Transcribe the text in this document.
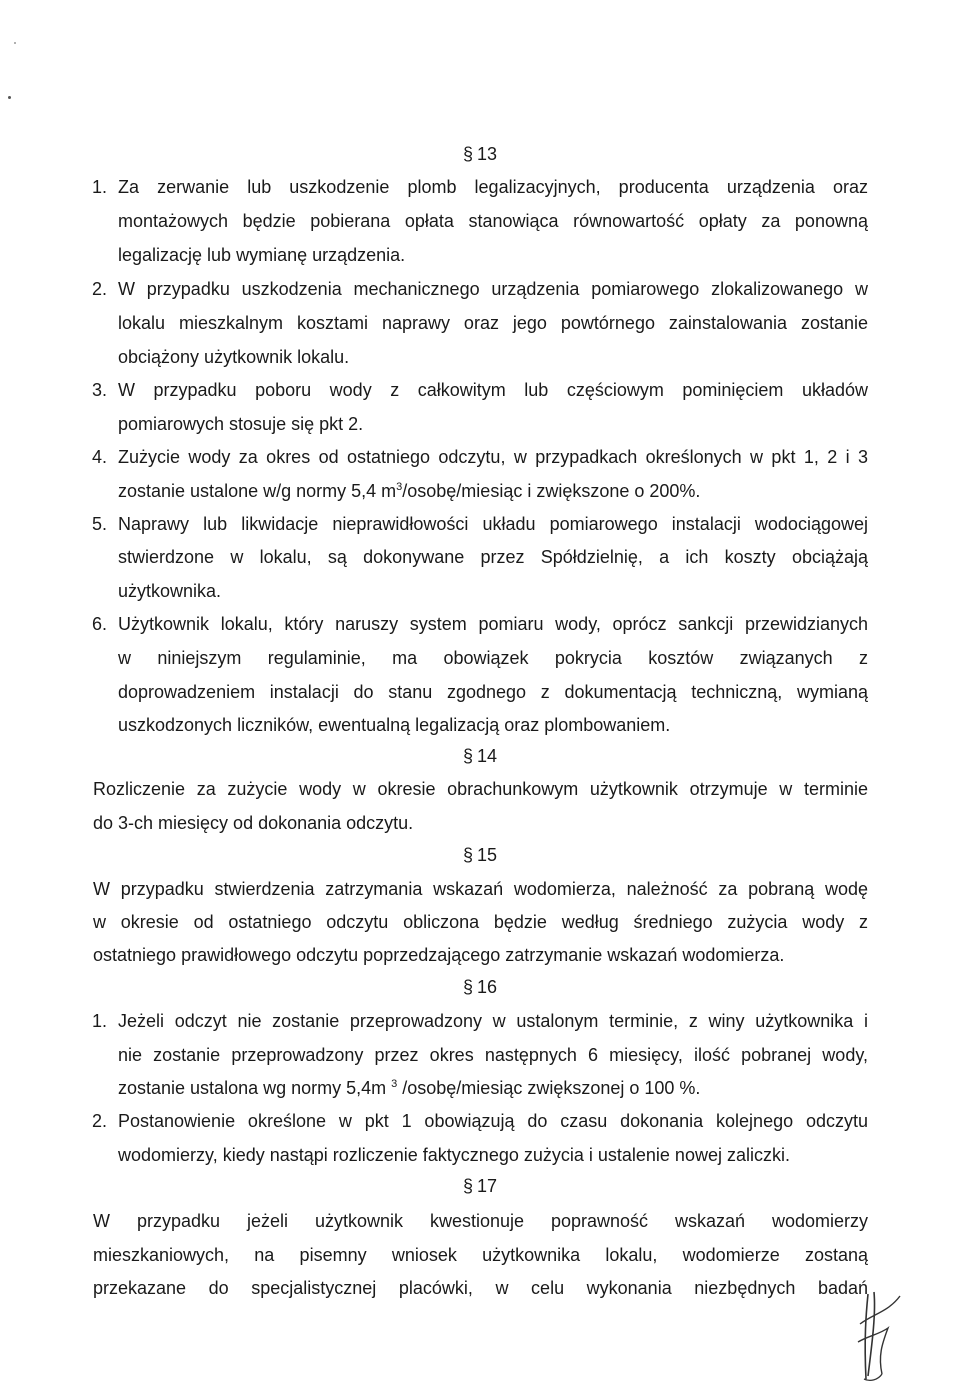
§ 13
1. Za zerwanie lub uszkodzenie plomb legalizacyjnych, producenta urządzenia oraz
montażowych będzie pobierana opłata stanowiąca równowartość opłaty za ponowną
legalizację lub wymianę urządzenia.
2. W przypadku uszkodzenia mechanicznego urządzenia pomiarowego zlokalizowanego w
lokalu mieszkalnym kosztami naprawy oraz jego powtórnego zainstalowania zostanie
obciążony użytkownik lokalu.
3. W przypadku poboru wody z całkowitym lub częściowym pominięciem układów
pomiarowych stosuje się pkt 2.
4. Zużycie wody za okres od ostatniego odczytu, w przypadkach określonych w pkt 1, 2 i 3
zostanie ustalone w/g normy 5,4 $m^3/osobę$/miesiąc i zwiększone o 200%.
5. Naprawy lub likwidacje nieprawidłowości układu pomiarowego instalacji wodociągowej
stwierdzone w lokalu, są dokonywane przez Spółdzielnię, a ich koszty obciążają
użytkownika.
6. Użytkownik lokalu, który naruszy system pomiaru wody, oprócz sankcji przewidzianych
w niniejszym regulaminie, ma obowiązek pokrycia kosztów związanych z
doprowadzeniem instalacji do stanu zgodnego z dokumentacją techniczną, wymianą
uszkodzonych liczników, ewentualną legalizacją oraz plombowaniem.
§ 14
Rozliczenie za zużycie wody w okresie obrachunkowym użytkownik otrzymuje w terminie
do 3-ch miesięcy od dokonania odczytu.
§ 15
W przypadku stwierdzenia zatrzymania wskazań wodomierza, należność za pobraną wodę
w okresie od ostatniego odczytu obliczona będzie według średniego zużycia wody z
ostatniego prawidłowego odczytu poprzedzającego zatrzymanie wskazań wodomierza.
§ 16
1. Jeżeli odczyt nie zostanie przeprowadzony w ustalonym terminie, z winy użytkownika i
nie zostanie przeprowadzony przez okres następnych 6 miesięcy, ilość pobranej wody,
zostanie ustalona wg normy 5,4m $^3$ /osobę/miesiąc zwiększonej o 100 %.
2. Postanowienie określone w pkt 1 obowiązują do czasu dokonania kolejnego odczytu
wodomierzy, kiedy nastąpi rozliczenie faktycznego zużycia i ustalenie nowej zaliczki.
§ 17
W przypadku jeżeli użytkownik kwestionuje poprawność wskazań wodomierzy
mieszkaniowych, na pisemny wniosek użytkownika lokalu, wodomierze zostaną
przekazane do specjalistycznej placówki, w celu wykonania niezbędnych badań
